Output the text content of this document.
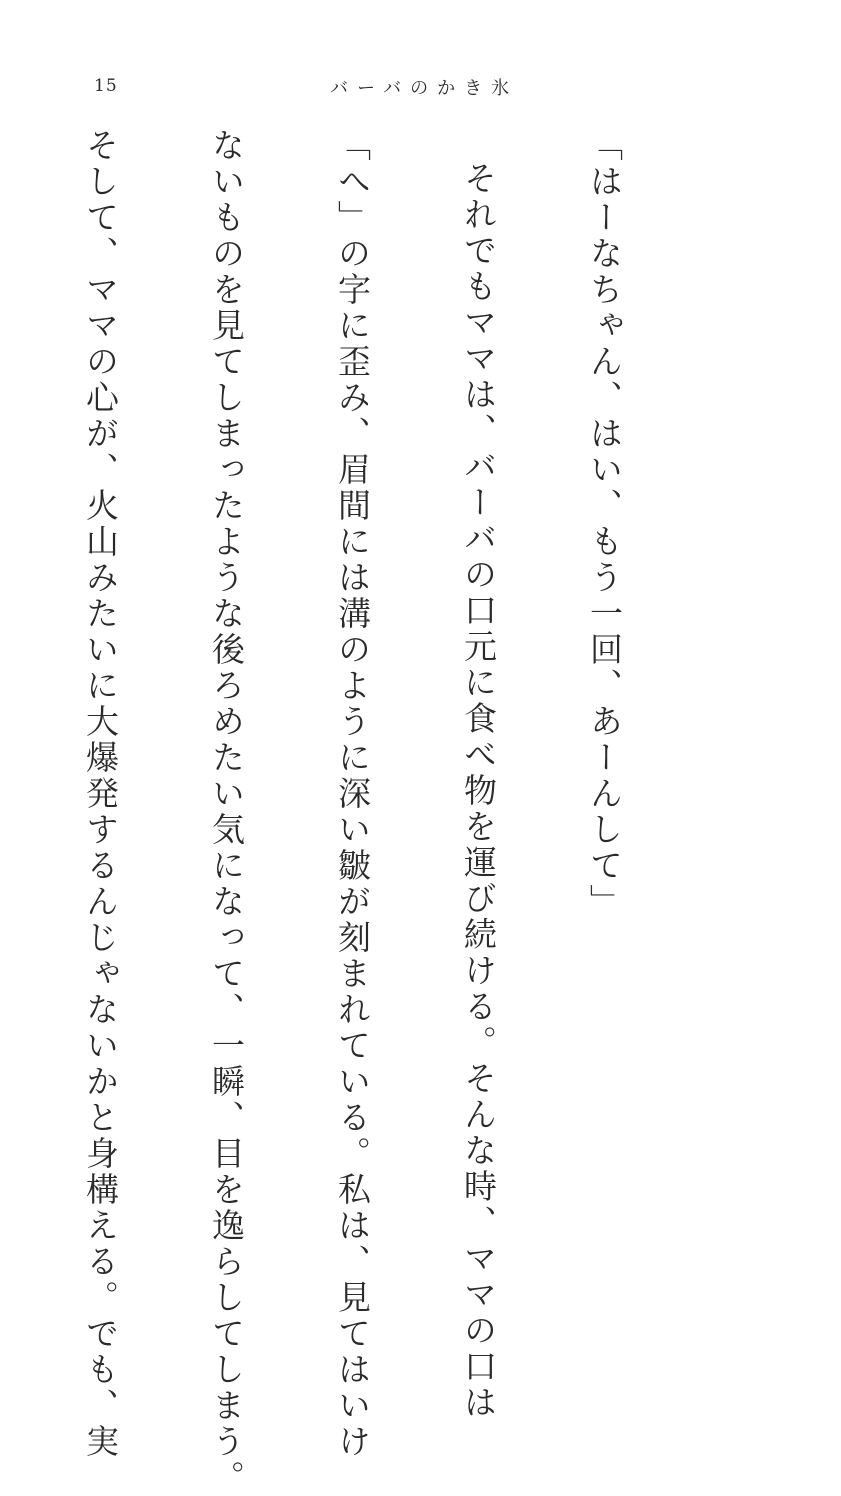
15	バーバのかき氷

「はーなちゃん、はい、もう一回、あーんして」

それでもママは、バーバの口元に食べ物を運び続ける。そんな時、ママの口は

「へ」の字に歪み、眉間には溝のように深い皺が刻まれている。私は、見てはいけ

ないものを見てしまったような後ろめたい気になって、一瞬、目を逸らしてしまう。

そして、ママの心が、火山みたいに大爆発するんじゃないかと身構える。でも、実
